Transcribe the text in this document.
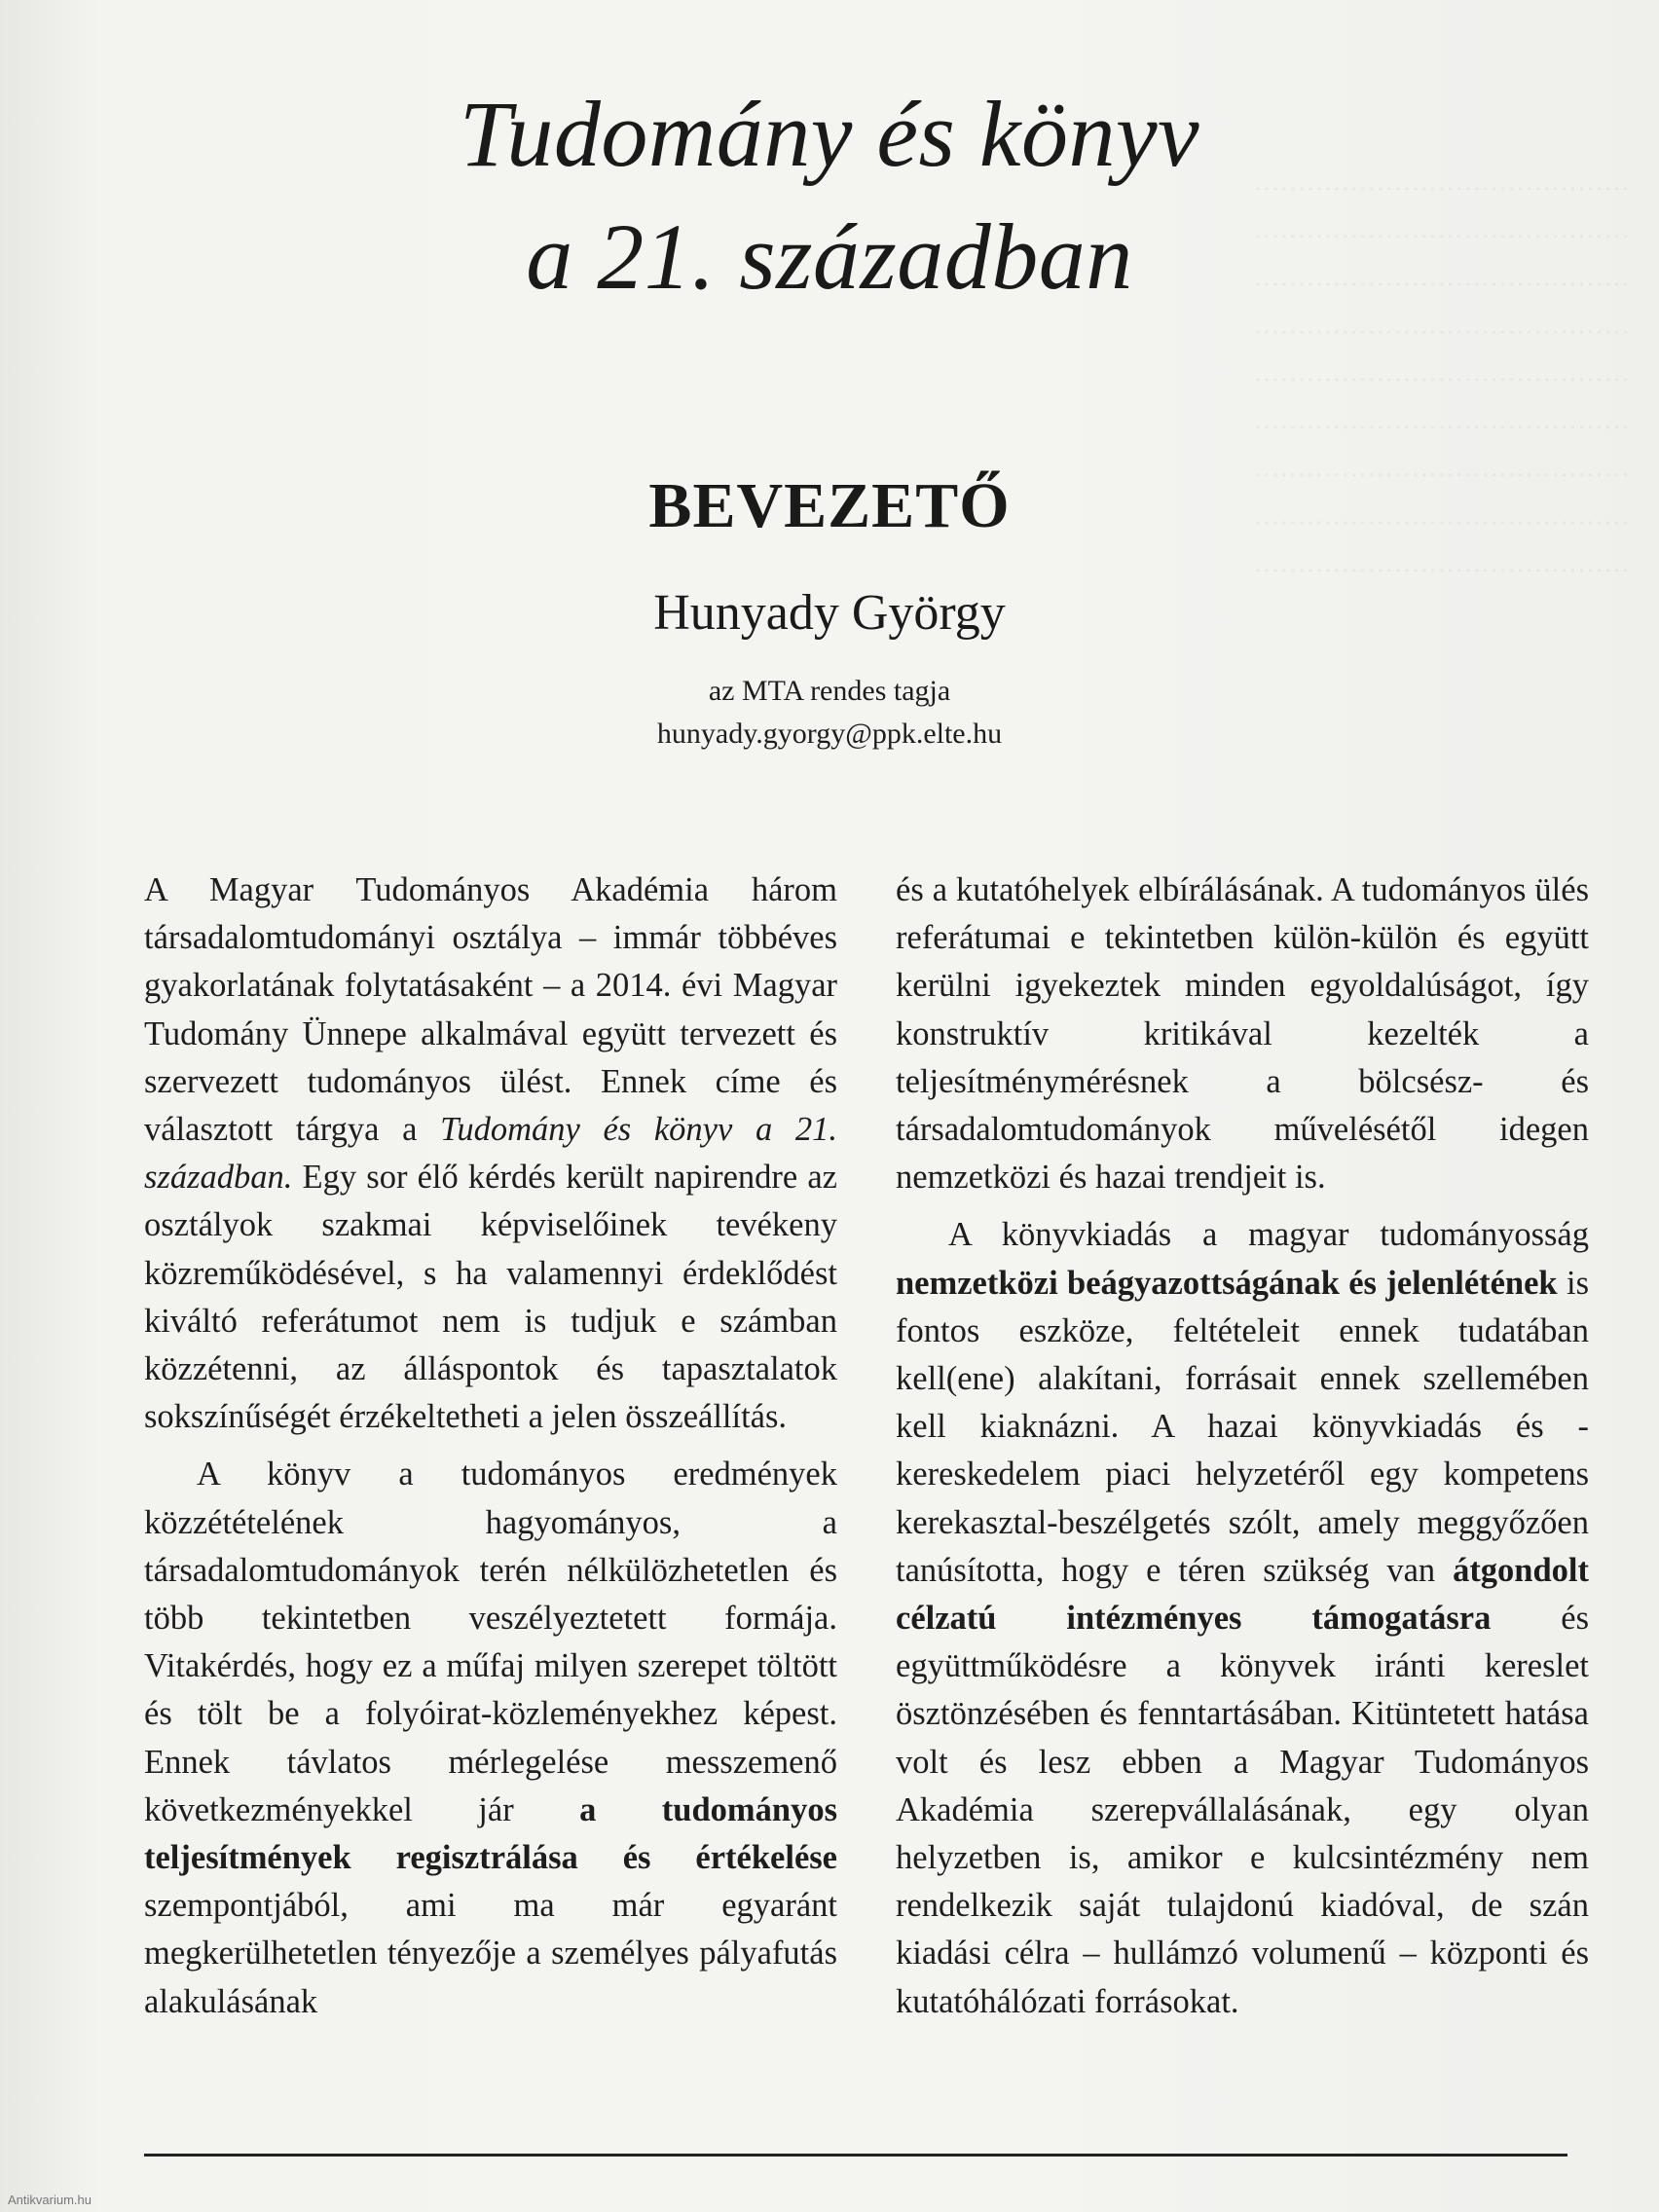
Tudomány és könyv
a 21. században
BEVEZETŐ
Hunyady György
az MTA rendes tagja
hunyady.gyorgy@ppk.elte.hu

A Magyar Tudományos Akadémia három társadalomtudományi osztálya – immár többéves gyakorlatának folytatásaként – a 2014. évi Magyar Tudomány Ünnepe alkalmával együtt tervezett és szervezett tudományos ülést. Ennek címe és választott tárgya a Tudomány és könyv a 21. században. Egy sor élő kérdés került napirendre az osztályok szakmai képviselőinek tevékeny közreműködésével, s ha valamennyi érdeklődést kiváltó referátumot nem is tudjuk e számban közzétenni, az álláspontok és tapasztalatok sokszínűségét érzékeltetheti a jelen összeállítás.

A könyv a tudományos eredmények közzétételének hagyományos, a társadalomtudományok terén nélkülözhetetlen és több tekintetben veszélyeztetett formája. Vitakérdés, hogy ez a műfaj milyen szerepet töltött és tölt be a folyóirat-közleményekhez képest. Ennek távlatos mérlegelése messzemenő következményekkel jár a tudományos teljesítmények regisztrálása és értékelése szempontjából, ami ma már egyaránt megkerülhetetlen tényezője a személyes pályafutás alakulásának

és a kutatóhelyek elbírálásának. A tudományos ülés referátumai e tekintetben külön-külön és együtt kerülni igyekeztek minden egyoldalúságot, így konstruktív kritikával kezelték a teljesítménymérésnek a bölcsész- és társadalomtudományok művelésétől idegen nemzetközi és hazai trendjeit is.

A könyvkiadás a magyar tudományosság nemzetközi beágyazottságának és jelenlétének is fontos eszköze, feltételeit ennek tudatában kell(ene) alakítani, forrásait ennek szellemében kell kiaknázni. A hazai könyvkiadás és -kereskedelem piaci helyzetéről egy kompetens kerekasztal-beszélgetés szólt, amely meggyőzően tanúsította, hogy e téren szükség van átgondolt célzatú intézményes támogatásra és együttműködésre a könyvek iránti kereslet ösztönzésében és fenntartásában. Kitüntetett hatása volt és lesz ebben a Magyar Tudományos Akadémia szerepvállalásának, egy olyan helyzetben is, amikor e kulcsintézmény nem rendelkezik saját tulajdonú kiadóval, de szán kiadási célra – hullámzó volumenű – központi és kutatóhálózati forrásokat.

Antikvarium.hu
